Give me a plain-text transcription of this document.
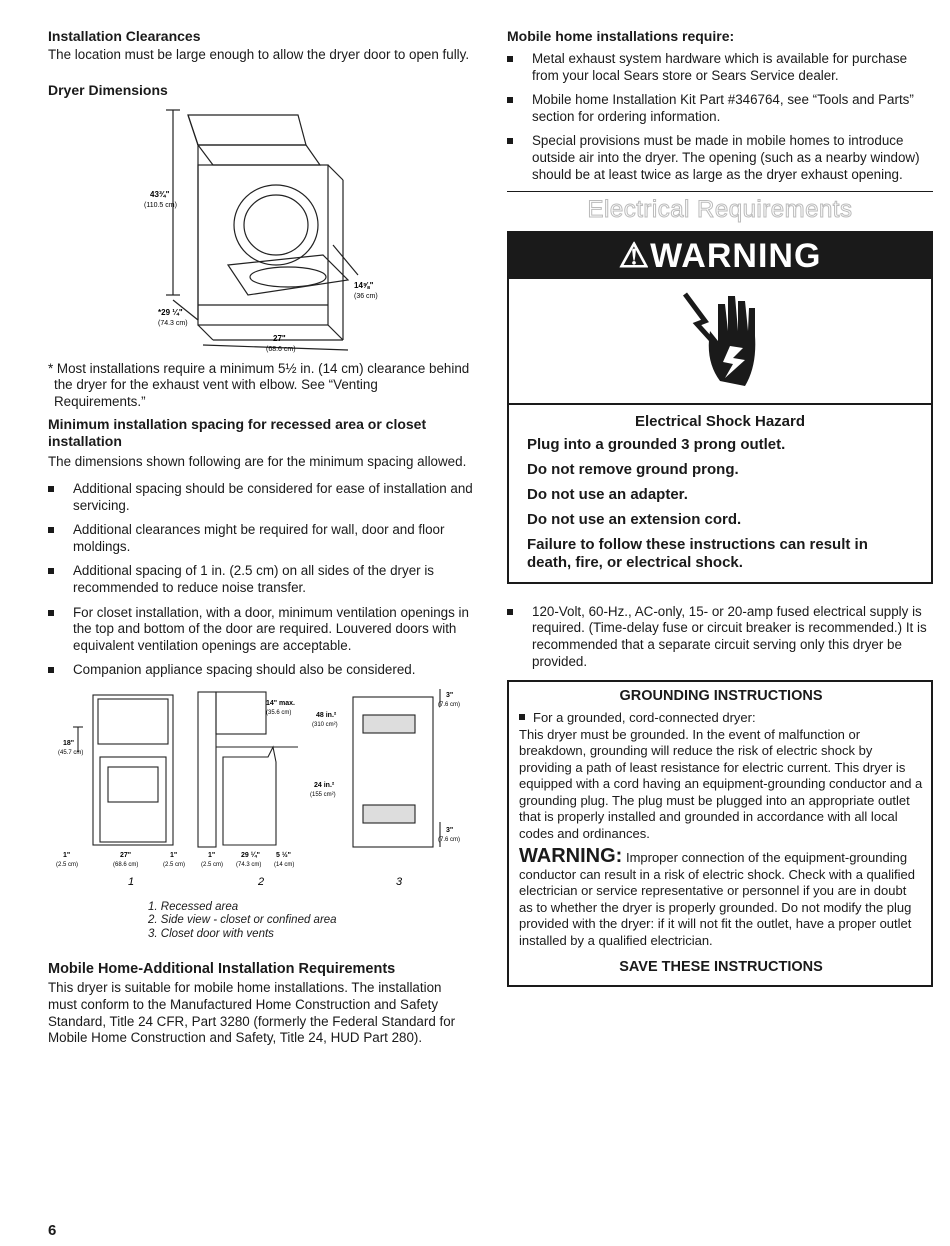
Installation Clearances

The location must be large enough to allow the dryer door to open fully.

Dryer Dimensions
43¾"
(110.5 cm)
*29 ¼"
(74.3 cm)
14⅝"
(36 cm)
27"
(68.6 cm)

* Most installations require a minimum 5½ in. (14 cm) clearance behind the dryer for the exhaust vent with elbow. See “Venting Requirements.”

Minimum installation spacing for recessed area or closet installation

The dimensions shown following are for the minimum spacing allowed.

Additional spacing should be considered for ease of installation and servicing.
Additional clearances might be required for wall, door and floor moldings.
Additional spacing of 1 in. (2.5 cm) on all sides of the dryer is recommended to reduce noise transfer.
For closet installation, with a door, minimum ventilation openings in the top and bottom of the door are required. Louvered doors with equivalent ventilation openings are acceptable.
Companion appliance spacing should also be considered.
18"
(45.7 cm)
1"
(2.5 cm)
27"
(68.6 cm)
1"
(2.5 cm)
1"
(2.5 cm)
29 ¼"
(74.3 cm)
5 ½"
(14 cm)
14" max.
(35.6 cm)	48 in.²
(310 cm²)
24 in.²
(155 cm²)
3"
(7.6 cm)
3"
(7.6 cm)
1	2	3

1. Recessed area

2. Side view - closet or confined area

3. Closet door with vents

Mobile Home-Additional Installation Requirements

This dryer is suitable for mobile home installations. The installation must conform to the Manufactured Home Construction and Safety Standard, Title 24 CFR, Part 3280 (formerly the Federal Standard for Mobile Home Construction and Safety, Title 24, HUD Part 280).

Mobile home installations require:
Metal exhaust system hardware which is available for purchase from your local Sears store or Sears Service dealer.
Mobile home Installation Kit Part #346764, see “Tools and Parts” section for ordering information.
Special provisions must be made in mobile homes to introduce outside air into the dryer. The opening (such as a nearby window) should be at least twice as large as the dryer exhaust opening.

Electrical Requirements

⚠WARNING
Electrical Shock Hazard
Plug into a grounded 3 prong outlet.
Do not remove ground prong.
Do not use an adapter.
Do not use an extension cord.
Failure to follow these instructions can result in death, fire, or electrical shock.
120-Volt, 60-Hz., AC-only, 15- or 20-amp fused electrical supply is required. (Time-delay fuse or circuit breaker is recommended.) It is recommended that a separate circuit serving only this dryer be provided.
GROUNDING INSTRUCTIONS

For a grounded, cord-connected dryer:

This dryer must be grounded. In the event of malfunction or breakdown, grounding will reduce the risk of electric shock by providing a path of least resistance for electric current. This dryer is equipped with a cord having an equipment-grounding conductor and a grounding plug. The plug must be plugged into an appropriate outlet that is properly installed and grounded in accordance with all local codes and ordinances.

WARNING: Improper connection of the equipment-grounding conductor can result in a risk of electric shock. Check with a qualified electrician or service representative or personnel if you are in doubt as to whether the dryer is properly grounded. Do not modify the plug provided with the dryer: if it will not fit the outlet, have a proper outlet installed by a qualified electrician.

SAVE THESE INSTRUCTIONS
6
